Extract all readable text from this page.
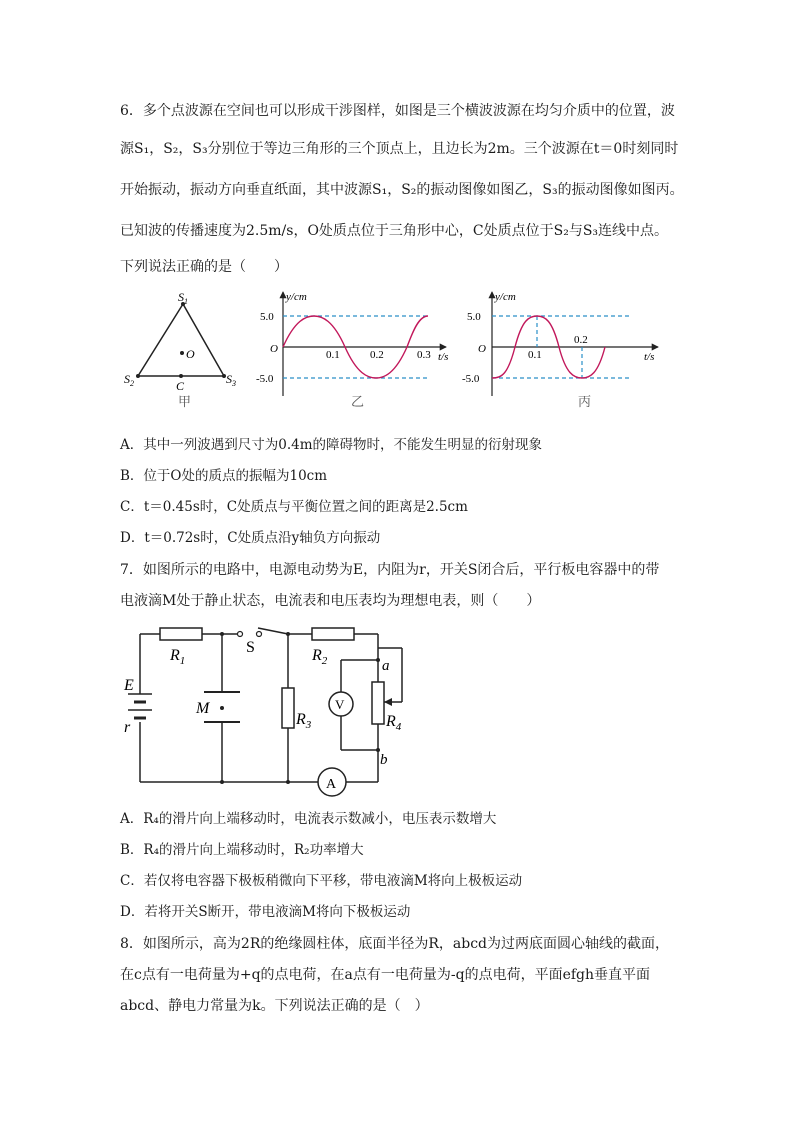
6．多个点波源在空间也可以形成干涉图样，如图是三个横波波源在均匀介质中的位置，波
源S₁，S₂，S₃分别位于等边三角形的三个顶点上，且边长为2m。三个波源在t＝0时刻同时
开始振动，振动方向垂直纸面，其中波源S₁，S₂的振动图像如图乙，S₃的振动图像如图丙。
已知波的传播速度为2.5m/s，O处质点位于三角形中心，C处质点位于S₂与S₃连线中点。
下列说法正确的是（　　）
$S_1$
$S_2$	$S_3$
O
C
甲
y/cm
t/s
O
5.0
-5.0
0.1	0.2	0.3
乙
y/cm
t/s
O
5.0
-5.0
0.1
0.2
丙
A．其中一列波遇到尺寸为0.4m的障碍物时，不能发生明显的衍射现象
B．位于O处的质点的振幅为10cm
C．t＝0.45s时，C处质点与平衡位置之间的距离是2.5cm
D．t＝0.72s时，C处质点沿y轴负方向振动
7．如图所示的电路中，电源电动势为E，内阻为r，开关S闭合后，平行板电容器中的带
电液滴M处于静止状态，电流表和电压表均为理想电表，则（　　）
$R_1$	$R_2$
$R_3$	$R_4$
S
E
r
M	V
A
a
b
A．R₄的滑片向上端移动时，电流表示数减小，电压表示数增大
B．R₄的滑片向上端移动时，R₂功率增大
C．若仅将电容器下极板稍微向下平移，带电液滴M将向上极板运动
D．若将开关S断开，带电液滴M将向下极板运动
8．如图所示，高为2R的绝缘圆柱体，底面半径为R，abcd为过两底面圆心轴线的截面，
在c点有一电荷量为+q的点电荷，在a点有一电荷量为-q的点电荷，平面efgh垂直平面
abcd、静电力常量为k。下列说法正确的是（　）
